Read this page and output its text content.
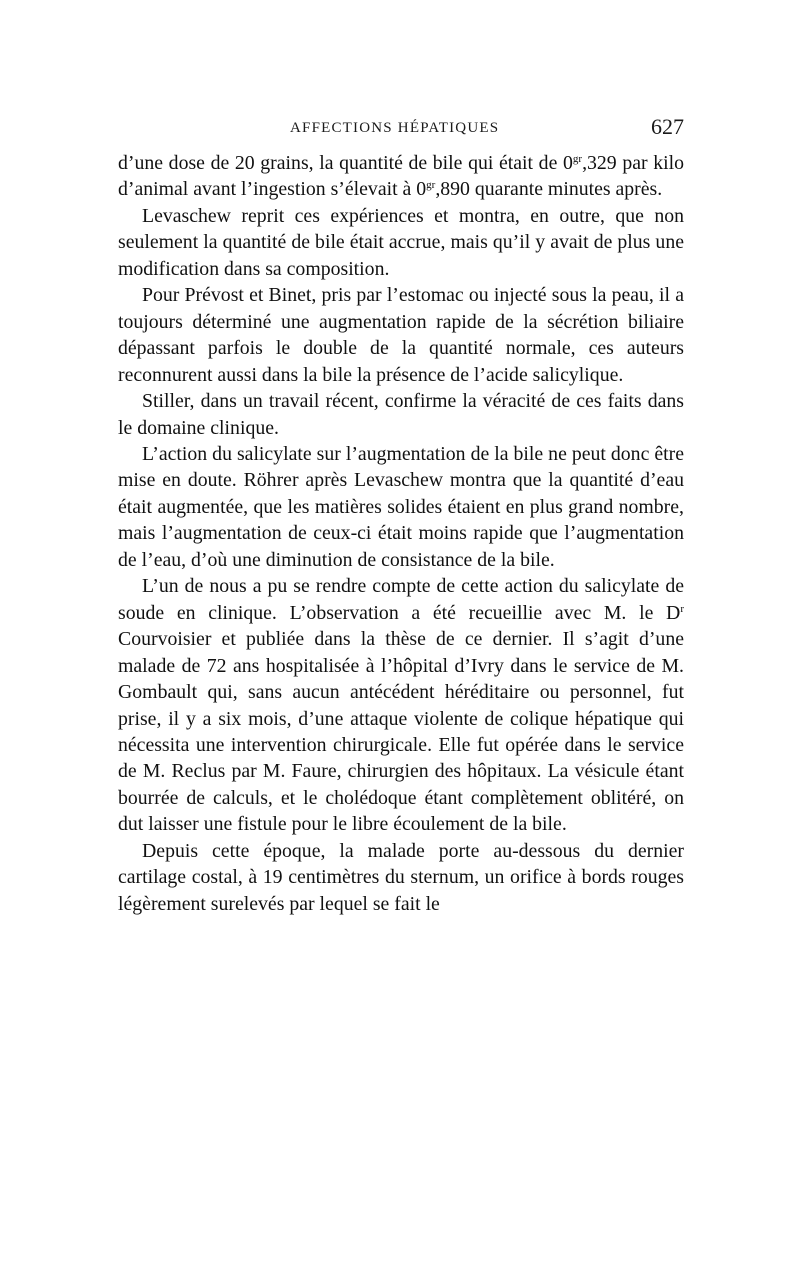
AFFECTIONS HÉPATIQUES	627

d’une dose de 20 grains, la quantité de bile qui était de $0^{gr},329$ par kilo d’animal avant l’ingestion s’élevait à $0^{gr},890$ quarante minutes après.

Levaschew reprit ces expériences et montra, en outre, que non seulement la quantité de bile était accrue, mais qu’il y avait de plus une modification dans sa composition.

Pour Prévost et Binet, pris par l’estomac ou injecté sous la peau, il a toujours déterminé une augmentation rapide de la sécrétion biliaire dépassant parfois le double de la quantité normale, ces auteurs reconnurent aussi dans la bile la présence de l’acide salicylique.

Stiller, dans un travail récent, confirme la véracité de ces faits dans le domaine clinique.

L’action du salicylate sur l’augmentation de la bile ne peut donc être mise en doute. Röhrer après Levaschew montra que la quantité d’eau était augmentée, que les matières solides étaient en plus grand nombre, mais l’augmentation de ceux-ci était moins rapide que l’augmentation de l’eau, d’où une diminution de consistance de la bile.

L’un de nous a pu se rendre compte de cette action du salicylate de soude en clinique. L’observation a été recueillie avec M. le $D^r$ Courvoisier et publiée dans la thèse de ce dernier. Il s’agit d’une malade de 72 ans hospitalisée à l’hôpital d’Ivry dans le service de M. Gombault qui, sans aucun antécédent héréditaire ou personnel, fut prise, il y a six mois, d’une attaque violente de colique hépatique qui nécessita une intervention chirurgicale. Elle fut opérée dans le service de M. Reclus par M. Faure, chirurgien des hôpitaux. La vésicule étant bourrée de calculs, et le cholédoque étant complètement oblitéré, on dut laisser une fistule pour le libre écoulement de la bile.

Depuis cette époque, la malade porte au-dessous du dernier cartilage costal, à 19 centimètres du sternum, un orifice à bords rouges légèrement surelevés par lequel se fait le
